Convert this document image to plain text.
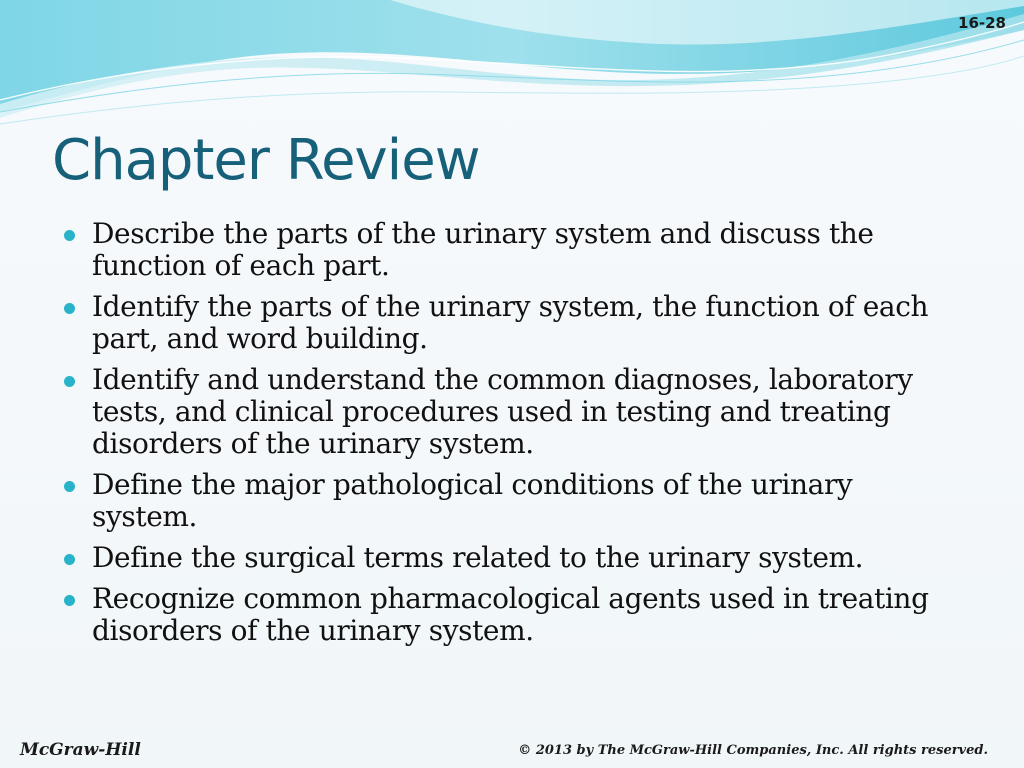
16-28
Chapter Review
Describe the parts of the urinary system and discuss the function of each part.
Identify the parts of the urinary system, the function of each part, and word building.
Identify and understand the common diagnoses, laboratory tests, and clinical procedures used in testing and treating disorders of the urinary system.
Define the major pathological conditions of the urinary system.
Define the surgical terms related to the urinary system.
Recognize common pharmacological agents used in treating disorders of the urinary system.
McGraw-Hill	© 2013 by The McGraw-Hill Companies, Inc. All rights reserved.
